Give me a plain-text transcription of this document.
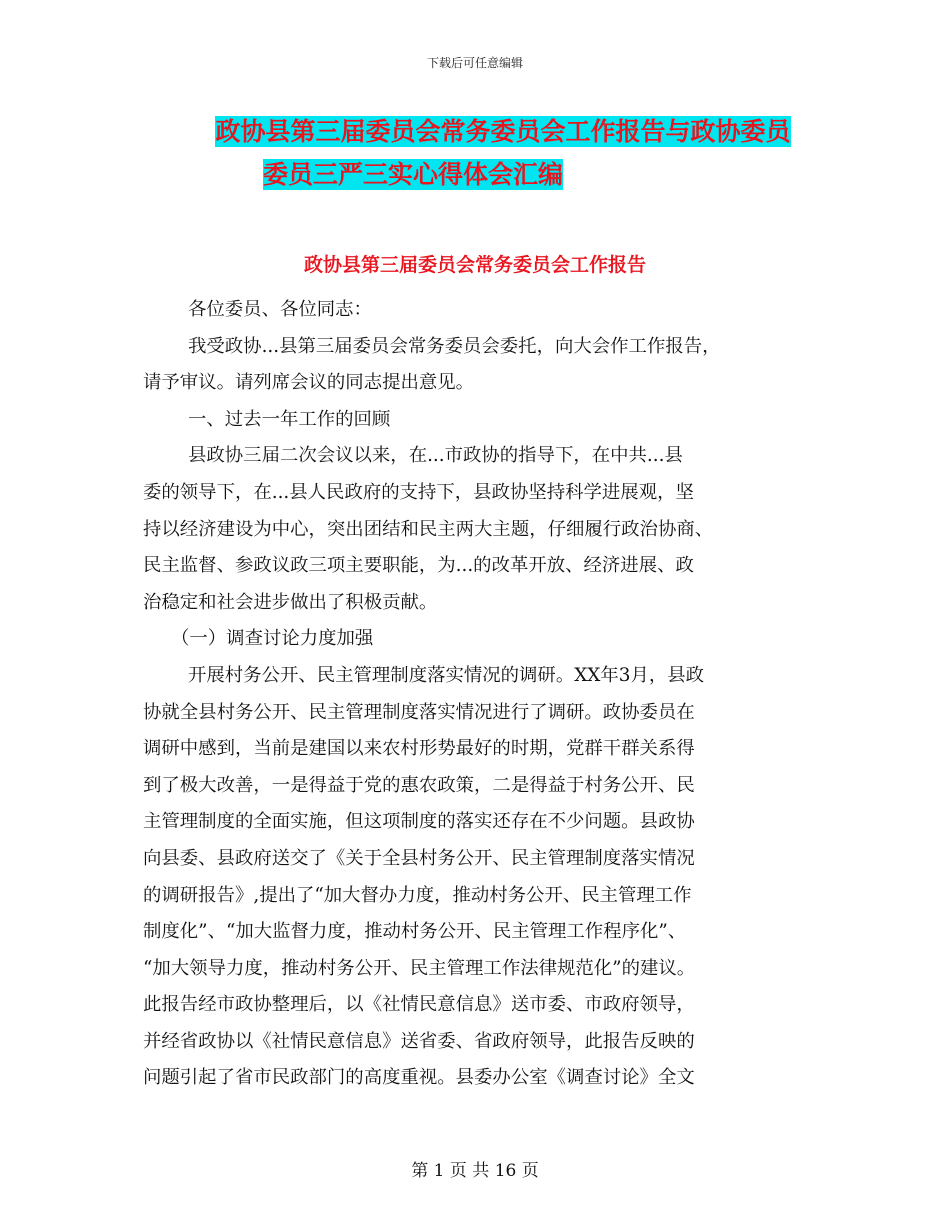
下载后可任意编辑
政协县第三届委员会常务委员会工作报告与政协委员
委员三严三实心得体会汇编
政协县第三届委员会常务委员会工作报告
各位委员、各位同志：
我受政协...县第三届委员会常务委员会委托，向大会作工作报告，
请予审议。请列席会议的同志提出意见。
一、过去一年工作的回顾
县政协三届二次会议以来，在...市政协的指导下，在中共...县
委的领导下，在...县人民政府的支持下，县政协坚持科学进展观，坚
持以经济建设为中心，突出团结和民主两大主题，仔细履行政治协商、
民主监督、参政议政三项主要职能，为...的改革开放、经济进展、政
治稳定和社会进步做出了积极贡献。
（一）调查讨论力度加强
开展村务公开、民主管理制度落实情况的调研。XX年3月，县政
协就全县村务公开、民主管理制度落实情况进行了调研。政协委员在
调研中感到，当前是建国以来农村形势最好的时期，党群干群关系得
到了极大改善，一是得益于党的惠农政策，二是得益于村务公开、民
主管理制度的全面实施，但这项制度的落实还存在不少问题。县政协
向县委、县政府送交了《关于全县村务公开、民主管理制度落实情况
的调研报告》,提出了“加大督办力度，推动村务公开、民主管理工作
制度化”、“加大监督力度，推动村务公开、民主管理工作程序化”、
“加大领导力度，推动村务公开、民主管理工作法律规范化”的建议。
此报告经市政协整理后，以《社情民意信息》送市委、市政府领导，
并经省政协以《社情民意信息》送省委、省政府领导，此报告反映的
问题引起了省市民政部门的高度重视。县委办公室《调查讨论》全文
第 1 页 共 16 页
